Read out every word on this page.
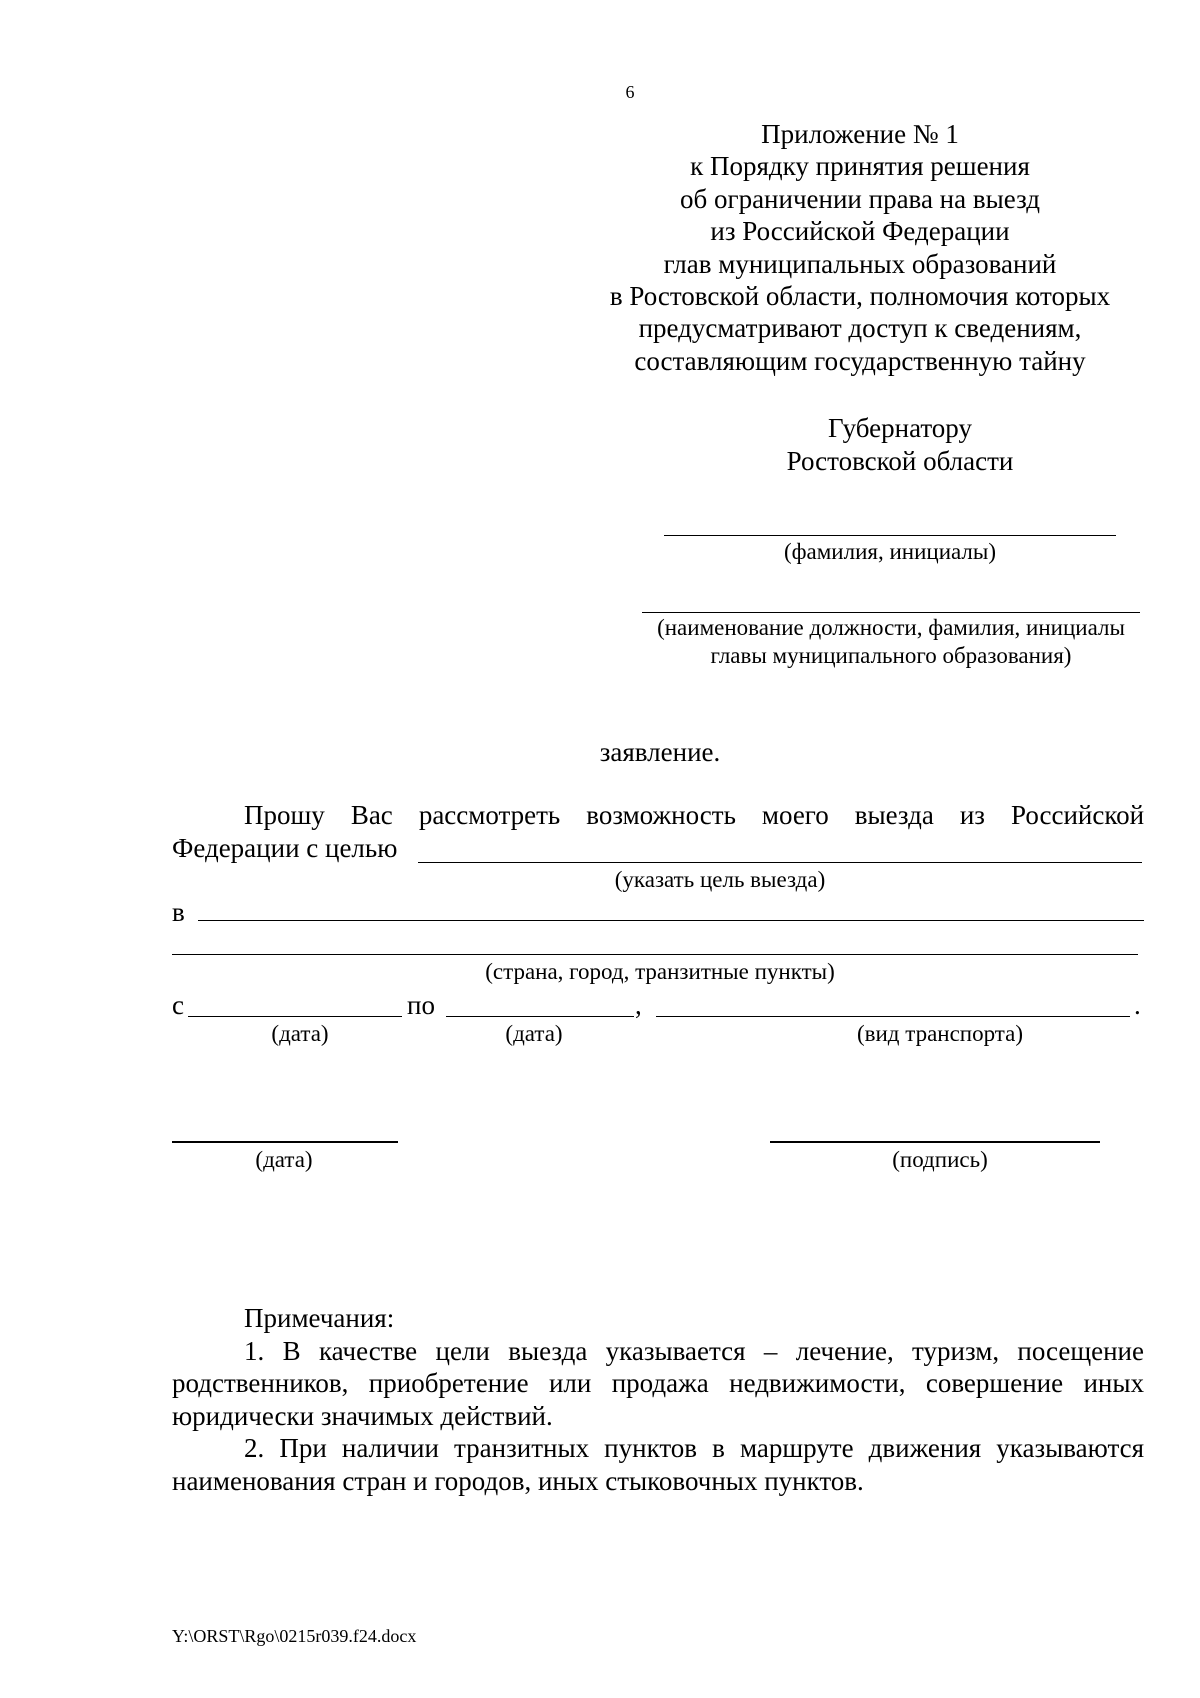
6
Приложение № 1
к Порядку принятия решения
об ограничении права на выезд
из Российской Федерации
глав муниципальных образований
в Ростовской области, полномочия которых
предусматривают доступ к сведениям,
составляющим государственную тайну
Губернатору
Ростовской области
(фамилия, инициалы)
(наименование должности, фамилия, инициалы
главы муниципального образования)
заявление.
Прошу Вас рассмотреть возможность моего выезда из Российской
Федерации с целью
(указать цель выезда)
в
(страна, город, транзитные пункты)
с	по	,	.
(дата)	(дата)	(вид транспорта)
(дата)	(подпись)

Примечания:

1. В качестве цели выезда указывается – лечение, туризм, посещение родственников, приобретение или продажа недвижимости, совершение иных юридически значимых действий.

2. При наличии транзитных пунктов в маршруте движения указываются наименования стран и городов, иных стыковочных пунктов.

Y:\ORST\Rgo\0215r039.f24.docx
